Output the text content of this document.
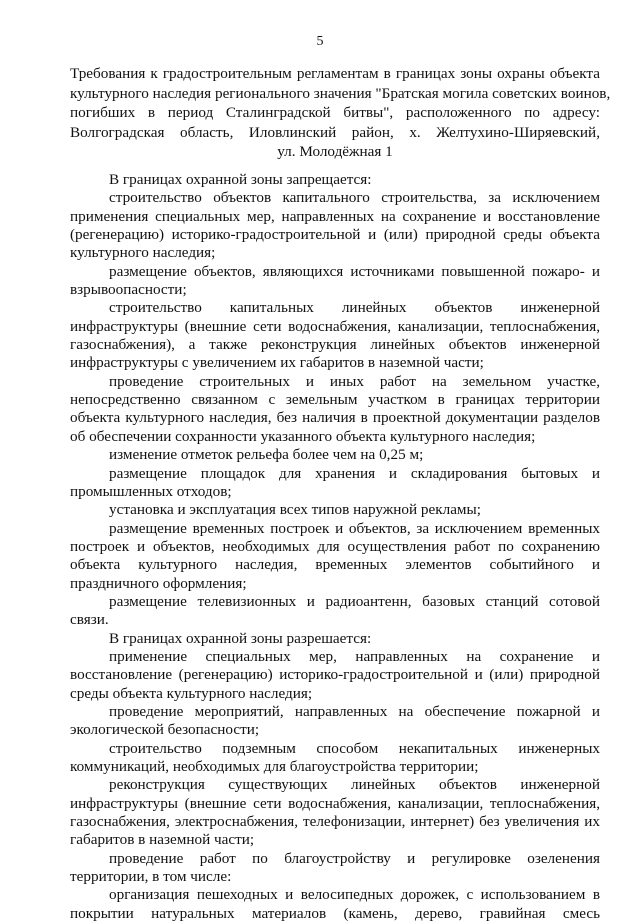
5
Требования к градостроительным регламентам в границах зоны охраны объекта
культурного наследия регионального значения "Братская могила советских воинов,
погибших в период Сталинградской битвы", расположенного по адресу:
Волгоградская область, Иловлинский район, х. Желтухино-Ширяевский,
ул. Молодёжная 1

В границах охранной зоны запрещается:

строительство объектов капитального строительства, за исключением применения специальных мер, направленных на сохранение и восстановление (регенерацию) историко-градостроительной и (или) природной среды объекта культурного наследия;

размещение объектов, являющихся источниками повышенной пожаро- и взрывоопасности;

строительство капитальных линейных объектов инженерной инфраструктуры (внешние сети водоснабжения, канализации, теплоснабжения, газоснабжения), а также реконструкция линейных объектов инженерной инфраструктуры с увеличением их габаритов в наземной части;

проведение строительных и иных работ на земельном участке, непосредственно связанном с земельным участком в границах территории объекта культурного наследия, без наличия в проектной документации разделов об обеспечении сохранности указанного объекта культурного наследия;

изменение отметок рельефа более чем на 0,25 м;

размещение площадок для хранения и складирования бытовых и промышленных отходов;

установка и эксплуатация всех типов наружной рекламы;

размещение временных построек и объектов, за исключением временных построек и объектов, необходимых для осуществления работ по сохранению объекта культурного наследия, временных элементов событийного и праздничного оформления;

размещение телевизионных и радиоантенн, базовых станций сотовой связи.

В границах охранной зоны разрешается:

применение специальных мер, направленных на сохранение и восстановление (регенерацию) историко-градостроительной и (или) природной среды объекта культурного наследия;

проведение мероприятий, направленных на обеспечение пожарной и экологической безопасности;

строительство подземным способом некапитальных инженерных коммуникаций, необходимых для благоустройства территории;

реконструкция существующих линейных объектов инженерной инфраструктуры (внешние сети водоснабжения, канализации, теплоснабжения, газоснабжения, электроснабжения, телефонизации, интернет) без увеличения их габаритов в наземной части;

проведение работ по благоустройству и регулировке озеленения территории, в том числе:

организация пешеходных и велосипедных дорожек, с использованием в покрытии натуральных материалов (камень, дерево, гравийная смесь
